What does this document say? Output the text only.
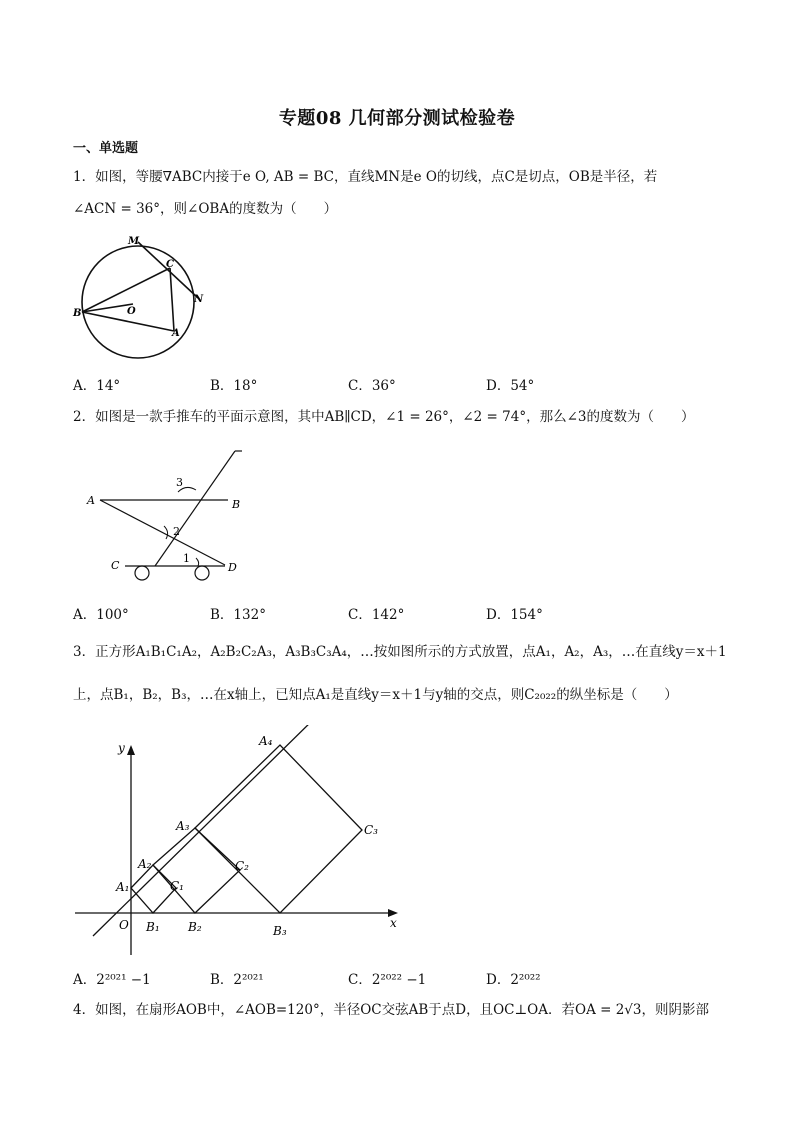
专题08 几何部分测试检验卷
一、单选题
1．如图，等腰∇ABC内接于e O, AB = BC，直线MN是e O的切线，点C是切点，OB是半径，若
∠ACN = 36°，则∠OBA的度数为（　　）
M
C
N
B	O
A
A．14°	B．18°	C．36°	D．54°
2．如图是一款手推车的平面示意图，其中AB∥CD，∠1 = 26°，∠2 = 74°，那么∠3的度数为（　　）
A	B
C	D
1
2
3
A．100°	B．132°	C．142°	D．154°
3．正方形A₁B₁C₁A₂，A₂B₂C₂A₃，A₃B₃C₃A₄，…按如图所示的方式放置，点A₁，A₂，A₃，…在直线y＝x＋1
上，点B₁，B₂，B₃，…在x轴上，已知点A₁是直线y＝x＋1与y轴的交点，则C₂₀₂₂的纵坐标是（　　）
y
x
O
A₁
A₂
A₃
A₄
B₁ B₂	B₃
C₁
C₂
C₃
A．2²⁰²¹ −1	B．2²⁰²¹	C．2²⁰²² −1	D．2²⁰²²
4．如图，在扇形AOB中，∠AOB=120°，半径OC交弦AB于点D，且OC⊥OA．若OA = 2√3，则阴影部
